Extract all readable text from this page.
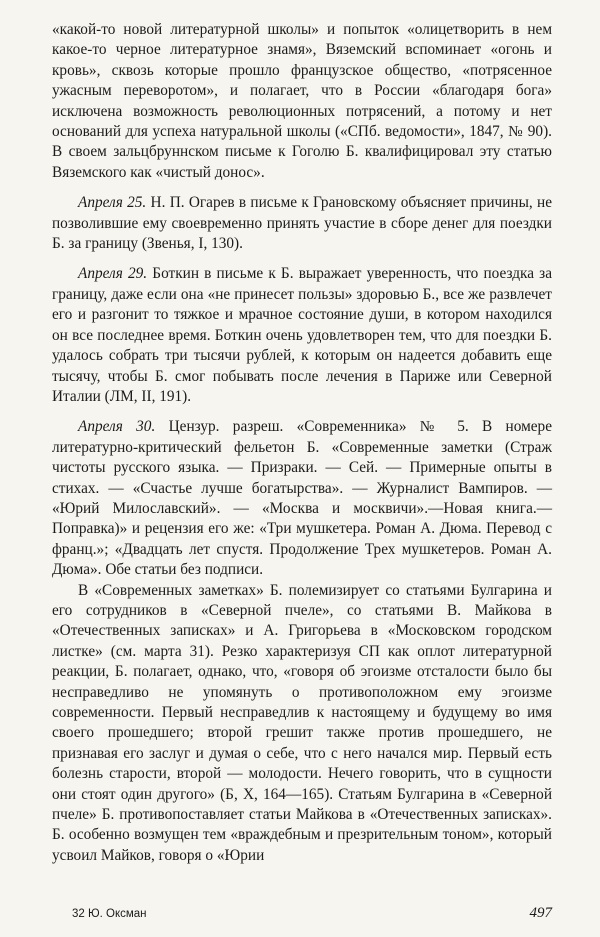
«какой-то новой литературной школы» и попыток «олицетворить в нем какое-то черное литературное знамя», Вяземский вспоминает «огонь и кровь», сквозь которые прошло французское общество, «потрясенное ужасным переворотом», и полагает, что в России «благодаря бога» исключена возможность революционных потрясений, а потому и нет оснований для успеха натуральной школы («СПб. ведомости», 1847, № 90). В своем зальцбруннском письме к Гоголю Б. квалифицировал эту статью Вяземского как «чистый донос».

Апреля 25. Н. П. Огарев в письме к Грановскому объясняет причины, не позволившие ему своевременно принять участие в сборе денег для поездки Б. за границу (Звенья, I, 130).

Апреля 29. Боткин в письме к Б. выражает уверенность, что поездка за границу, даже если она «не принесет пользы» здоровью Б., все же развлечет его и разгонит то тяжкое и мрачное состояние души, в котором находился он все последнее время. Боткин очень удовлетворен тем, что для поездки Б. удалось собрать три тысячи рублей, к которым он надеется добавить еще тысячу, чтобы Б. смог побывать после лечения в Париже или Северной Италии (ЛМ, II, 191).

Апреля 30. Цензур. разреш. «Современника» № 5. В номере литературно-критический фельетон Б. «Современные заметки (Страж чистоты русского языка. — Призраки. — Сей. — Примерные опыты в стихах. — «Счастье лучше богатырства». — Журналист Вампиров. — «Юрий Милославский». — «Москва и москвичи».—Новая книга.—Поправка)» и рецензия его же: «Три мушкетера. Роман А. Дюма. Перевод с франц.»; «Двадцать лет спустя. Продолжение Трех мушкетеров. Роман А. Дюма». Обе статьи без подписи.

В «Современных заметках» Б. полемизирует со статьями Булгарина и его сотрудников в «Северной пчеле», со статьями В. Майкова в «Отечественных записках» и А. Григорьева в «Московском городском листке» (см. марта 31). Резко характеризуя СП как оплот литературной реакции, Б. полагает, однако, что, «говоря об эгоизме отсталости было бы несправедливо не упомянуть о противоположном ему эгоизме современности. Первый несправедлив к настоящему и будущему во имя своего прошедшего; второй грешит также против прошедшего, не признавая его заслуг и думая о себе, что с него начался мир. Первый есть болезнь старости, второй — молодости. Нечего говорить, что в сущности они стоят один другого» (Б, X, 164—165). Статьям Булгарина в «Северной пчеле» Б. противопоставляет статьи Майкова в «Отечественных записках». Б. особенно возмущен тем «враждебным и презрительным тоном», который усвоил Майков, говоря о «Юрии

32 Ю. Оксман	497
